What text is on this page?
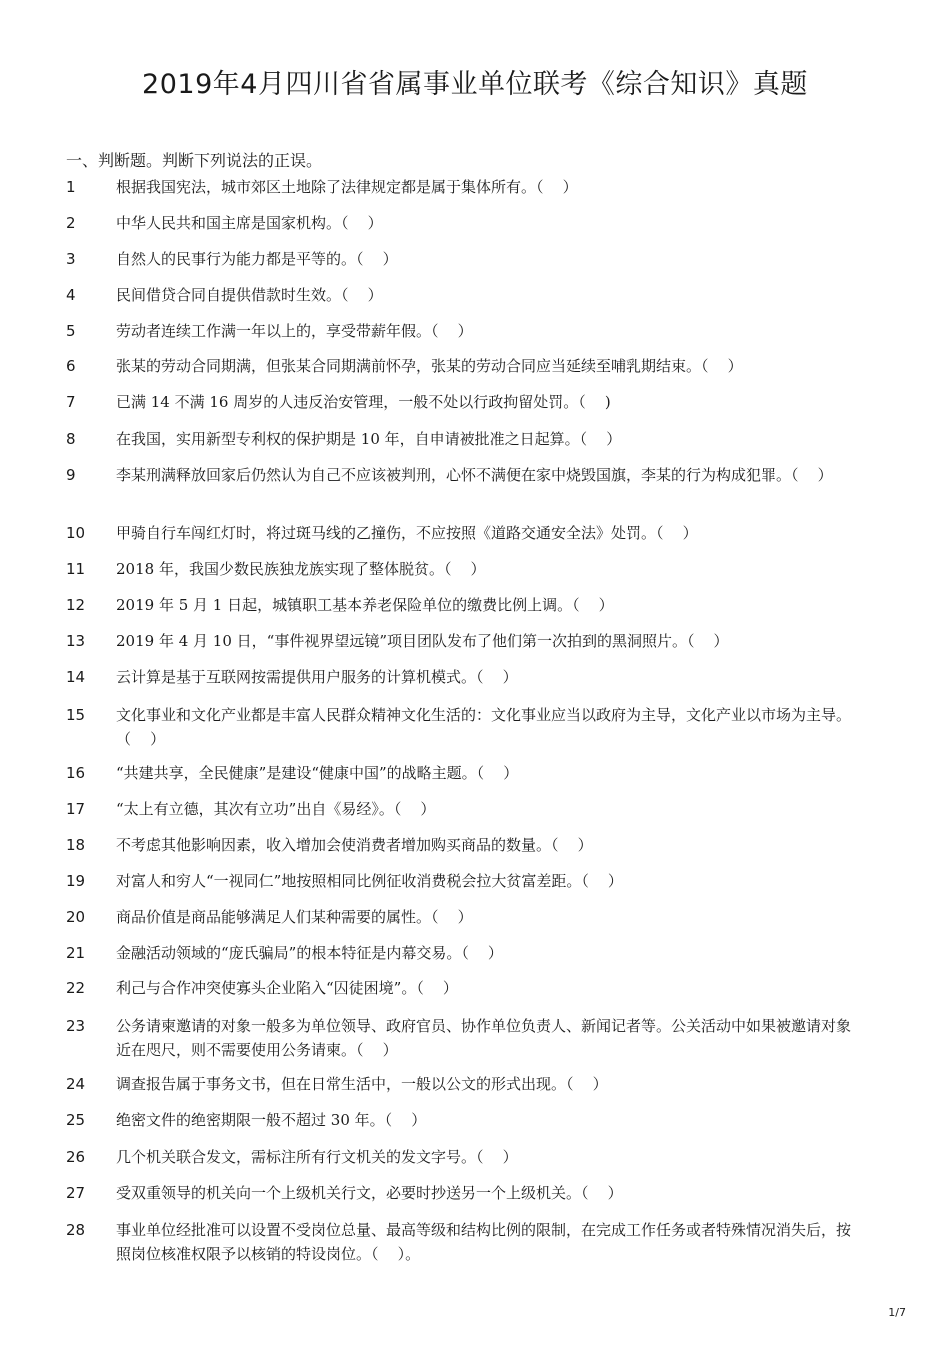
2019年4月四川省省属事业单位联考《综合知识》真题
一、判断题。判断下列说法的正误。
1	根据我国宪法，城市郊区土地除了法律规定都是属于集体所有。（    ）
2	中华人民共和国主席是国家机构。（    ）
3	自然人的民事行为能力都是平等的。（    ）
4	民间借贷合同自提供借款时生效。（    ）
5	劳动者连续工作满一年以上的，享受带薪年假。（    ）
6	张某的劳动合同期满，但张某合同期满前怀孕，张某的劳动合同应当延续至哺乳期结束。（    ）
7	已满 14 不满 16 周岁的人违反治安管理，一般不处以行政拘留处罚。（    )
8	在我国，实用新型专利权的保护期是 10 年，自申请被批准之日起算。（    ）
9	李某刑满释放回家后仍然认为自己不应该被判刑，心怀不满便在家中烧毁国旗，李某的行为构成犯罪。（    ）
10 甲骑自行车闯红灯时，将过斑马线的乙撞伤，不应按照《道路交通安全法》处罚。（    ）
11 2018 年，我国少数民族独龙族实现了整体脱贫。（    ）
12 2019 年 5 月 1 日起，城镇职工基本养老保险单位的缴费比例上调。（    ）
13 2019 年 4 月 10 日，“事件视界望远镜”项目团队发布了他们第一次拍到的黑洞照片。（    ）
14 云计算是基于互联网按需提供用户服务的计算机模式。（    ）
15 文化事业和文化产业都是丰富人民群众精神文化生活的：文化事业应当以政府为主导，文化产业以市场为主导。（    ）
16 “共建共享，全民健康”是建设“健康中国”的战略主题。（    ）
17 “太上有立德，其次有立功”出自《易经》。（    ）
18 不考虑其他影响因素，收入增加会使消费者增加购买商品的数量。（    ）
19 对富人和穷人“一视同仁”地按照相同比例征收消费税会拉大贫富差距。（    ）
20 商品价值是商品能够满足人们某种需要的属性。（    ）
21 金融活动领域的“庞氏骗局”的根本特征是内幕交易。（    ）
22 利己与合作冲突使寡头企业陷入“囚徒困境”。（    ）
23 公务请柬邀请的对象一般多为单位领导、政府官员、协作单位负责人、新闻记者等。公关活动中如果被邀请对象近在咫尺，则不需要使用公务请柬。（    ）
24 调查报告属于事务文书，但在日常生活中，一般以公文的形式出现。（    ）
25 绝密文件的绝密期限一般不超过 30 年。（    ）
26 几个机关联合发文，需标注所有行文机关的发文字号。（    ）
27 受双重领导的机关向一个上级机关行文，必要时抄送另一个上级机关。（    ）
28 事业单位经批准可以设置不受岗位总量、最高等级和结构比例的限制，在完成工作任务或者特殊情况消失后，按照岗位核准权限予以核销的特设岗位。（    ）。
1/7
